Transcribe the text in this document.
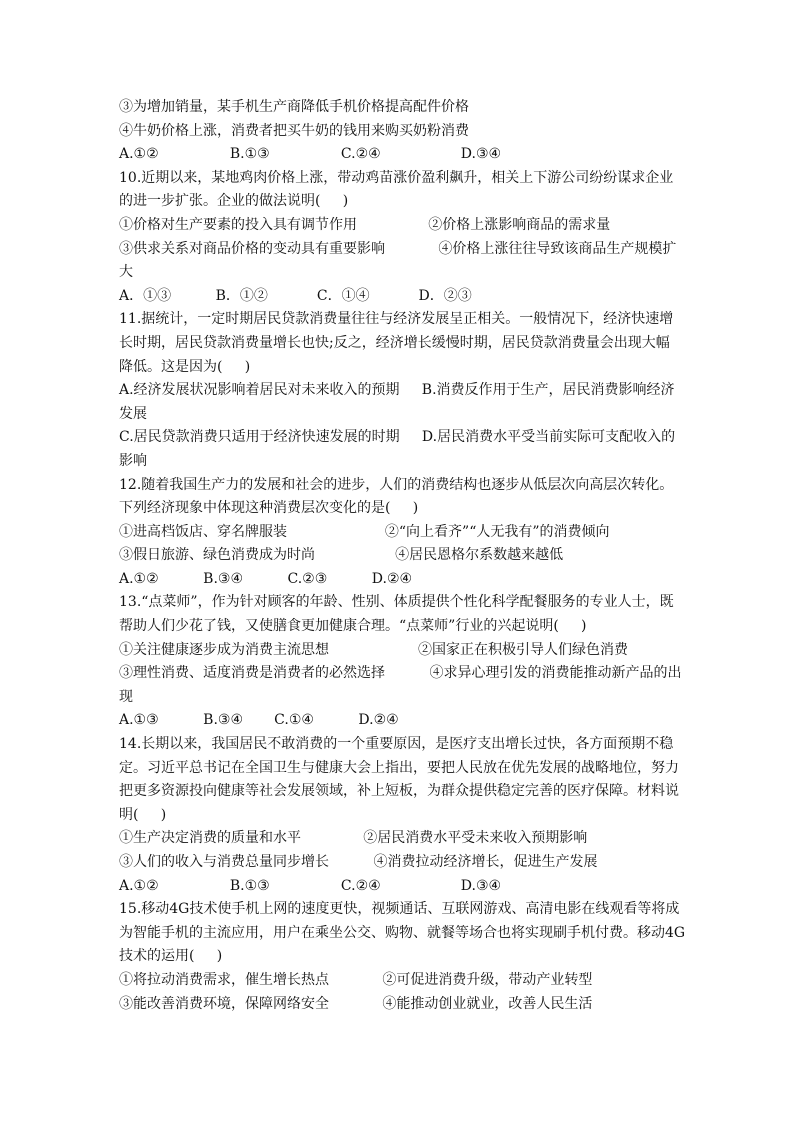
③为增加销量，某手机生产商降低手机价格提高配件价格
④牛奶价格上涨，消费者把买牛奶的钱用来购买奶粉消费
A.①②                B.①③                C.②④                  D.③④
10.近期以来，某地鸡肉价格上涨，带动鸡苗涨价盈利飙升，相关上下游公司纷纷谋求企业
的进一步扩张。企业的做法说明(     )
①价格对生产要素的投入具有调节作用                ②价格上涨影响商品的需求量
③供求关系对商品价格的变动具有重要影响            ④价格上涨往往导致该商品生产规模扩
大
A．①③          B．①②           C．①④           D．②③
11.据统计，一定时期居民贷款消费量往往与经济发展呈正相关。一般情况下，经济快速增
长时期，居民贷款消费量增长也快;反之，经济增长缓慢时期，居民贷款消费量会出现大幅
降低。这是因为(     )
A.经济发展状况影响着居民对未来收入的预期     B.消费反作用于生产，居民消费影响经济
发展
C.居民贷款消费只适用于经济快速发展的时期     D.居民消费水平受当前实际可支配收入的
影响
12.随着我国生产力的发展和社会的进步，人们的消费结构也逐步从低层次向高层次转化。
下列经济现象中体现这种消费层次变化的是(     )
①进高档饭店、穿名牌服装                      ②“向上看齐”“人无我有”的消费倾向
③假日旅游、绿色消费成为时尚                  ④居民恩格尔系数越来越低
A.①②          B.③④          C.②③          D.②④
13.“点菜师”，作为针对顾客的年龄、性别、体质提供个性化科学配餐服务的专业人士，既
帮助人们少花了钱，又使膳食更加健康合理。“点菜师”行业的兴起说明(     )
①关注健康逐步成为消费主流思想                    ②国家正在积极引导人们绿色消费
③理性消费、适度消费是消费者的必然选择          ④求异心理引发的消费能推动新产品的出
现
A.①③          B.③④       C.①④          D.②④
14.长期以来，我国居民不敢消费的一个重要原因，是医疗支出增长过快，各方面预期不稳
定。习近平总书记在全国卫生与健康大会上指出，要把人民放在优先发展的战略地位，努力
把更多资源投向健康等社会发展领域，补上短板，为群众提供稳定完善的医疗保障。材料说
明(     )
①生产决定消费的质量和水平              ②居民消费水平受未来收入预期影响
③人们的收入与消费总量同步增长          ④消费拉动经济增长，促进生产发展
A.①②                B.①③                C.②④                  D.③④
15.移动4G技术使手机上网的速度更快，视频通话、互联网游戏、高清电影在线观看等将成
为智能手机的主流应用，用户在乘坐公交、购物、就餐等场合也将实现刷手机付费。移动4G
技术的运用(     )
①将拉动消费需求，催生增长热点            ②可促进消费升级，带动产业转型
③能改善消费环境，保障网络安全            ④能推动创业就业，改善人民生活
